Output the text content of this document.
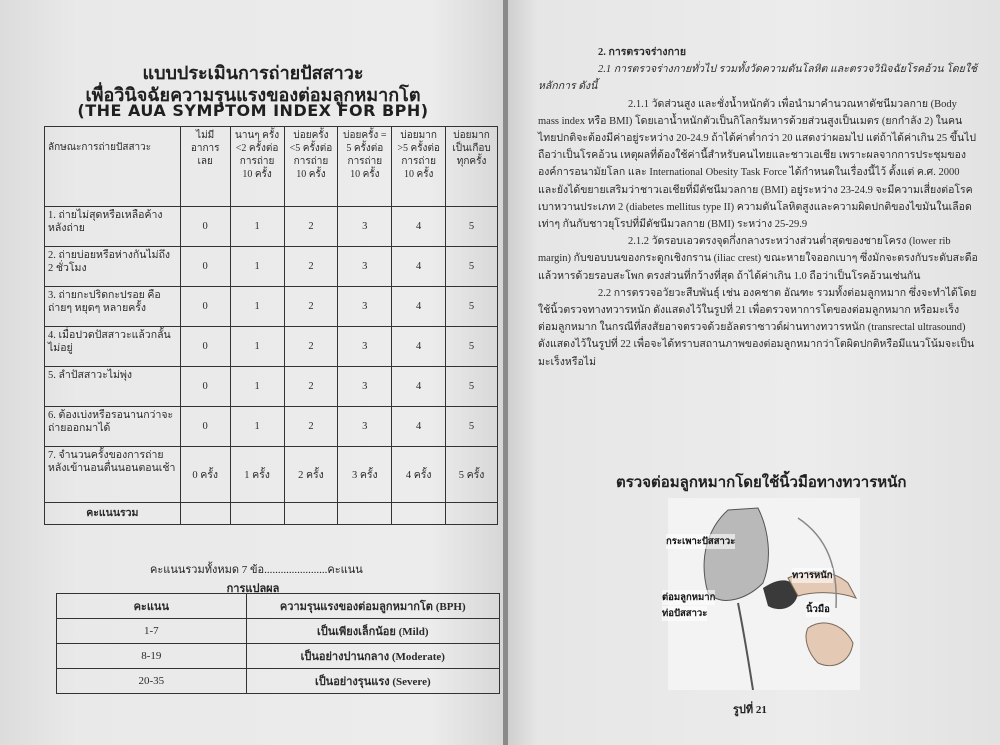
แบบประเมินการถ่ายปัสสาวะ
เพื่อวินิจฉัยความรุนแรงของต่อมลูกหมากโต
(THE AUA SYMPTOM INDEX FOR BPH)
ลักษณะการถ่ายปัสสาวะ	ไม่มีอาการเลย	นานๆ ครั้ง <2 ครั้งต่อการถ่าย 10 ครั้ง	บ่อยครั้ง <5 ครั้งต่อการถ่าย 10 ครั้ง	บ่อยครั้ง = 5 ครั้งต่อการถ่าย 10 ครั้ง	บ่อยมาก >5 ครั้งต่อการถ่าย 10 ครั้ง	บ่อยมากเป็นเกือบทุกครั้ง
1. ถ่ายไม่สุดหรือเหลือค้างหลังถ่าย	0	1	2	3	4	5
2. ถ่ายบ่อยหรือห่างกันไม่ถึง 2 ชั่วโมง	0	1	2	3	4	5
3. ถ่ายกะปริดกะปรอย คือถ่ายๆ หยุดๆ หลายครั้ง	0	1	2	3	4	5
4. เมื่อปวดปัสสาวะแล้วกลั้นไม่อยู่	0	1	2	3	4	5
5. ลำปัสสาวะไม่พุ่ง	0	1	2	3	4	5
6. ต้องเบ่งหรือรอนานกว่าจะถ่ายออกมาได้	0	1	2	3	4	5
7. จำนวนครั้งของการถ่ายหลังเข้านอนตื่นนอนตอนเช้า	0 ครั้ง	1 ครั้ง	2 ครั้ง	3 ครั้ง	4 ครั้ง	5 ครั้ง
คะแนนรวม						
คะแนนรวมทั้งหมด 7 ข้อ.......................คะแนน
การแปลผล
คะแนน	ความรุนแรงของต่อมลูกหมากโต (BPH)
1-7	เป็นเพียงเล็กน้อย (Mild)
8-19	เป็นอย่างปานกลาง (Moderate)
20-35	เป็นอย่างรุนแรง (Severe)

2. การตรวจร่างกาย

2.1 การตรวจร่างกายทั่วไป รวมทั้งวัดความดันโลหิต และตรวจวินิจฉัยโรคอ้วน โดยใช้หลักการ ดังนี้

2.1.1 วัดส่วนสูง และชั่งน้ำหนักตัว เพื่อนำมาคำนวณหาดัชนีมวลกาย (Body mass index หรือ BMI) โดยเอาน้ำหนักตัวเป็นกิโลกรัมหารด้วยส่วนสูงเป็นเมตร (ยกกำลัง 2) ในคนไทยปกติจะต้องมีค่าอยู่ระหว่าง 20-24.9 ถ้าได้ค่าต่ำกว่า 20 แสดงว่าผอมไป แต่ถ้าได้ค่าเกิน 25 ขึ้นไปถือว่าเป็นโรคอ้วน เหตุผลที่ต้องใช้ค่านี้สำหรับคนไทยและชาวเอเชีย เพราะผลจากการประชุมขององค์การอนามัยโลก และ International Obesity Task Force ได้กำหนดในเรื่องนี้ไว้ ตั้งแต่ ค.ศ. 2000 และยังได้ขยายเสริมว่าชาวเอเชียที่มีดัชนีมวลกาย (BMI) อยู่ระหว่าง 23-24.9 จะมีความเสี่ยงต่อโรคเบาหวานประเภท 2 (diabetes mellitus type II) ความดันโลหิตสูงและความผิดปกติของไขมันในเลือดเท่าๆ กันกับชาวยุโรปที่มีดัชนีมวลกาย (BMI) ระหว่าง 25-29.9

2.1.2 วัดรอบเอวตรงจุดกึ่งกลางระหว่างส่วนต่ำสุดของชายโครง (lower rib margin) กับขอบบนของกระดูกเชิงกราน (iliac crest) ขณะหายใจออกเบาๆ ซึ่งมักจะตรงกับระดับสะดือแล้วหารด้วยรอบสะโพก ตรงส่วนที่กว้างที่สุด ถ้าได้ค่าเกิน 1.0 ถือว่าเป็นโรคอ้วนเช่นกัน

2.2 การตรวจอวัยวะสืบพันธุ์ เช่น องคชาต อัณฑะ รวมทั้งต่อมลูกหมาก ซึ่งจะทำได้โดยใช้นิ้วตรวจทางทวารหนัก ดังแสดงไว้ในรูปที่ 21 เพื่อตรวจหาการโตของต่อมลูกหมาก หรือมะเร็งต่อมลูกหมาก ในกรณีที่สงสัยอาจตรวจด้วยอัลตราซาวด์ผ่านทางทวารหนัก (transrectal ultrasound) ดังแสดงไว้ในรูปที่ 22 เพื่อจะได้ทราบสถานภาพของต่อมลูกหมากว่าโตผิดปกติหรือมีแนวโน้มจะเป็นมะเร็งหรือไม่

ตรวจต่อมลูกหมากโดยใช้นิ้วมือทางทวารหนัก
กระเพาะปัสสาวะ
ทวารหนัก
ต่อมลูกหมาก
ท่อปัสสาวะ	นิ้วมือ
รูปที่ 21
